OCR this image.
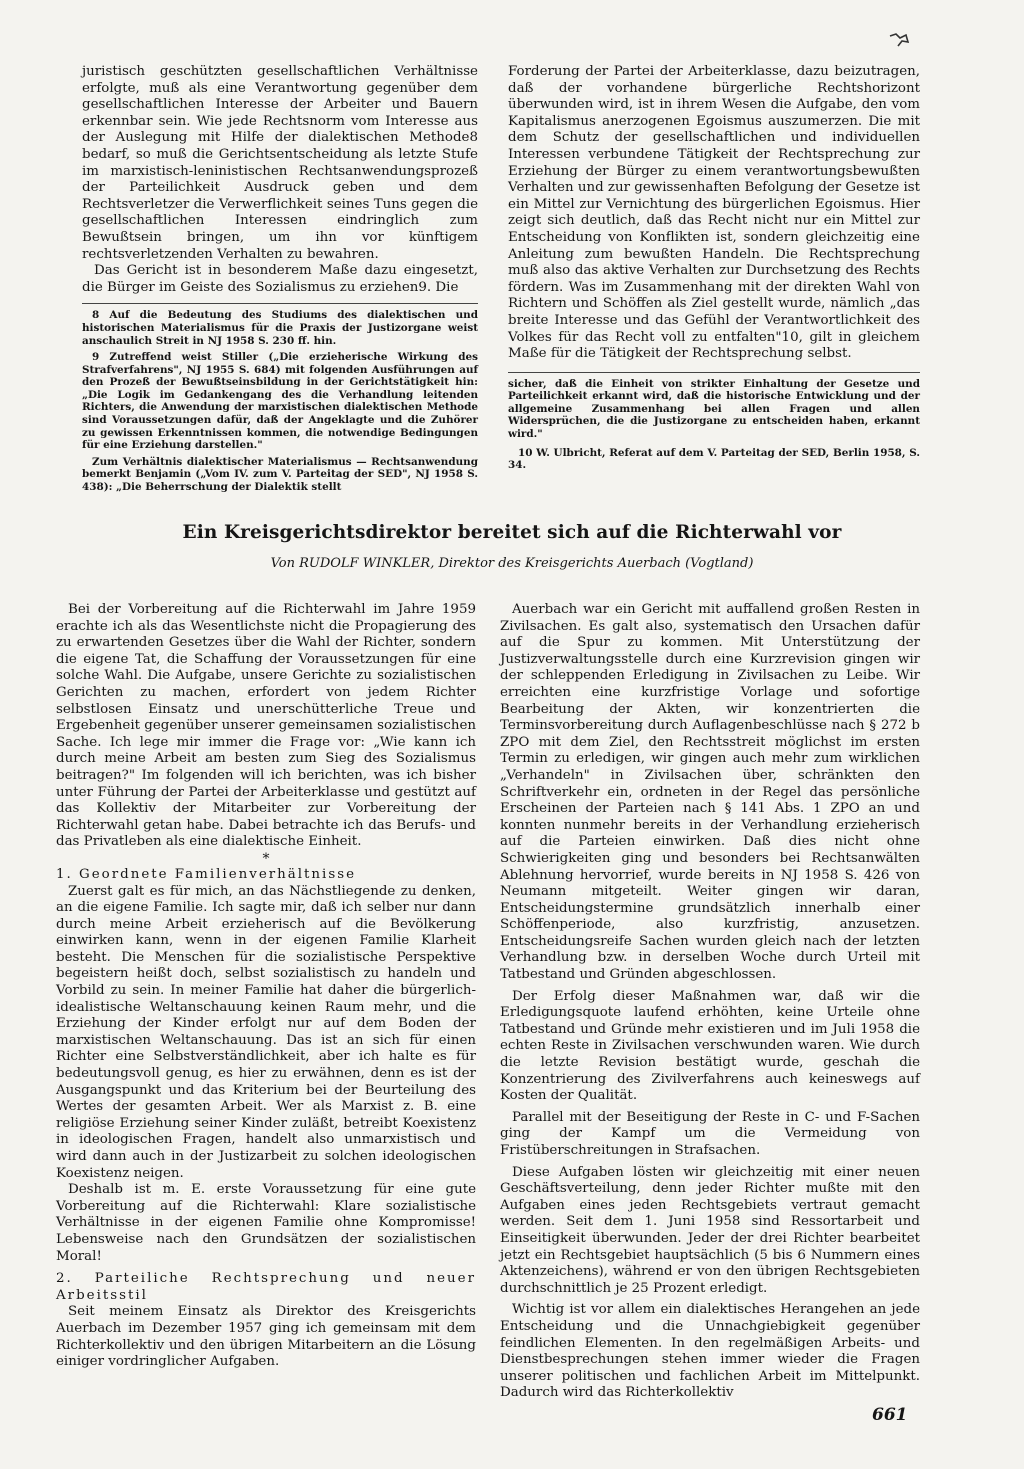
juristisch geschützten gesellschaftlichen Verhältnisse erfolgte, muß als eine Verantwortung gegenüber dem gesellschaftlichen Interesse der Arbeiter und Bauern erkennbar sein. Wie jede Rechtsnorm vom Interesse aus der Auslegung mit Hilfe der dialektischen Methode8 bedarf, so muß die Gerichtsentscheidung als letzte Stufe im marxistisch-leninistischen Rechtsanwendungsprozeß der Parteilichkeit Ausdruck geben und dem Rechtsverletzer die Verwerflichkeit seines Tuns gegen die gesellschaftlichen Interessen eindringlich zum Bewußtsein bringen, um ihn vor künftigem rechtsverletzenden Verhalten zu bewahren.

Das Gericht ist in besonderem Maße dazu eingesetzt, die Bürger im Geiste des Sozialismus zu erziehen9. Die

8 Auf die Bedeutung des Studiums des dialektischen und historischen Materialismus für die Praxis der Justizorgane weist anschaulich Streit in NJ 1958 S. 230 ff. hin.

9 Zutreffend weist Stiller („Die erzieherische Wirkung des Strafverfahrens", NJ 1955 S. 684) mit folgenden Ausführungen auf den Prozeß der Bewußtseinsbildung in der Gerichtstätigkeit hin: „Die Logik im Gedankengang des die Verhandlung leitenden Richters, die Anwendung der marxistischen dialektischen Methode sind Voraussetzungen dafür, daß der Angeklagte und die Zuhörer zu gewissen Erkenntnissen kommen, die notwendige Bedingungen für eine Erziehung darstellen."

Zum Verhältnis dialektischer Materialismus — Rechtsanwendung bemerkt Benjamin („Vom IV. zum V. Parteitag der SED", NJ 1958 S. 438): „Die Beherrschung der Dialektik stellt

Forderung der Partei der Arbeiterklasse, dazu beizutragen, daß der vorhandene bürgerliche Rechtshorizont überwunden wird, ist in ihrem Wesen die Aufgabe, den vom Kapitalismus anerzogenen Egoismus auszumerzen. Die mit dem Schutz der gesellschaftlichen und individuellen Interessen verbundene Tätigkeit der Rechtsprechung zur Erziehung der Bürger zu einem verantwortungsbewußten Verhalten und zur gewissenhaften Befolgung der Gesetze ist ein Mittel zur Vernichtung des bürgerlichen Egoismus. Hier zeigt sich deutlich, daß das Recht nicht nur ein Mittel zur Entscheidung von Konflikten ist, sondern gleichzeitig eine Anleitung zum bewußten Handeln. Die Rechtsprechung muß also das aktive Verhalten zur Durchsetzung des Rechts fördern. Was im Zusammenhang mit der direkten Wahl von Richtern und Schöffen als Ziel gestellt wurde, nämlich „das breite Interesse und das Gefühl der Verantwortlichkeit des Volkes für das Recht voll zu entfalten"10, gilt in gleichem Maße für die Tätigkeit der Rechtsprechung selbst.

sicher, daß die Einheit von strikter Einhaltung der Gesetze und Parteilichkeit erkannt wird, daß die historische Entwicklung und der allgemeine Zusammenhang bei allen Fragen und allen Widersprüchen, die die Justizorgane zu entscheiden haben, erkannt wird."

10 W. Ulbricht, Referat auf dem V. Parteitag der SED, Berlin 1958, S. 34.

Ein Kreisgerichtsdirektor bereitet sich auf die Richterwahl vor
Von RUDOLF WINKLER, Direktor des Kreisgerichts Auerbach (Vogtland)

Bei der Vorbereitung auf die Richterwahl im Jahre 1959 erachte ich als das Wesentlichste nicht die Propagierung des zu erwartenden Gesetzes über die Wahl der Richter, sondern die eigene Tat, die Schaffung der Voraussetzungen für eine solche Wahl. Die Aufgabe, unsere Gerichte zu sozialistischen Gerichten zu machen, erfordert von jedem Richter selbstlosen Einsatz und unerschütterliche Treue und Ergebenheit gegenüber unserer gemeinsamen sozialistischen Sache. Ich lege mir immer die Frage vor: „Wie kann ich durch meine Arbeit am besten zum Sieg des Sozialismus beitragen?" Im folgenden will ich berichten, was ich bisher unter Führung der Partei der Arbeiterklasse und gestützt auf das Kollektiv der Mitarbeiter zur Vorbereitung der Richterwahl getan habe. Dabei betrachte ich das Berufs- und das Privatleben als eine dialektische Einheit.

*

1. Geordnete Familienverhältnisse

Zuerst galt es für mich, an das Nächstliegende zu denken, an die eigene Familie. Ich sagte mir, daß ich selber nur dann durch meine Arbeit erzieherisch auf die Bevölkerung einwirken kann, wenn in der eigenen Familie Klarheit besteht. Die Menschen für die sozialistische Perspektive begeistern heißt doch, selbst sozialistisch zu handeln und Vorbild zu sein. In meiner Familie hat daher die bürgerlich-idealistische Weltanschauung keinen Raum mehr, und die Erziehung der Kinder erfolgt nur auf dem Boden der marxistischen Weltanschauung. Das ist an sich für einen Richter eine Selbstverständlichkeit, aber ich halte es für bedeutungsvoll genug, es hier zu erwähnen, denn es ist der Ausgangspunkt und das Kriterium bei der Beurteilung des Wertes der gesamten Arbeit. Wer als Marxist z. B. eine religiöse Erziehung seiner Kinder zuläßt, betreibt Koexistenz in ideologischen Fragen, handelt also unmarxistisch und wird dann auch in der Justizarbeit zu solchen ideologischen Koexistenz neigen.

Deshalb ist m. E. erste Voraussetzung für eine gute Vorbereitung auf die Richterwahl: Klare sozialistische Verhältnisse in der eigenen Familie ohne Kompromisse! Lebensweise nach den Grundsätzen der sozialistischen Moral!

2. Parteiliche Rechtsprechung und neuer Arbeitsstil

Seit meinem Einsatz als Direktor des Kreisgerichts Auerbach im Dezember 1957 ging ich gemeinsam mit dem Richterkollektiv und den übrigen Mitarbeitern an die Lösung einiger vordringlicher Aufgaben.

Auerbach war ein Gericht mit auffallend großen Resten in Zivilsachen. Es galt also, systematisch den Ursachen dafür auf die Spur zu kommen. Mit Unterstützung der Justizverwaltungsstelle durch eine Kurzrevision gingen wir der schleppenden Erledigung in Zivilsachen zu Leibe. Wir erreichten eine kurzfristige Vorlage und sofortige Bearbeitung der Akten, wir konzentrierten die Terminsvorbereitung durch Auflagenbeschlüsse nach § 272 b ZPO mit dem Ziel, den Rechtsstreit möglichst im ersten Termin zu erledigen, wir gingen auch mehr zum wirklichen „Verhandeln" in Zivilsachen über, schränkten den Schriftverkehr ein, ordneten in der Regel das persönliche Erscheinen der Parteien nach § 141 Abs. 1 ZPO an und konnten nunmehr bereits in der Verhandlung erzieherisch auf die Parteien einwirken. Daß dies nicht ohne Schwierigkeiten ging und besonders bei Rechtsanwälten Ablehnung hervorrief, wurde bereits in NJ 1958 S. 426 von Neumann mitgeteilt. Weiter gingen wir daran, Entscheidungstermine grundsätzlich innerhalb einer Schöffenperiode, also kurzfristig, anzusetzen. Entscheidungsreife Sachen wurden gleich nach der letzten Verhandlung bzw. in derselben Woche durch Urteil mit Tatbestand und Gründen abgeschlossen.

Der Erfolg dieser Maßnahmen war, daß wir die Erledigungsquote laufend erhöhten, keine Urteile ohne Tatbestand und Gründe mehr existieren und im Juli 1958 die echten Reste in Zivilsachen verschwunden waren. Wie durch die letzte Revision bestätigt wurde, geschah die Konzentrierung des Zivilverfahrens auch keineswegs auf Kosten der Qualität.

Parallel mit der Beseitigung der Reste in C- und F-Sachen ging der Kampf um die Vermeidung von Fristüberschreitungen in Strafsachen.

Diese Aufgaben lösten wir gleichzeitig mit einer neuen Geschäftsverteilung, denn jeder Richter mußte mit den Aufgaben eines jeden Rechtsgebiets vertraut gemacht werden. Seit dem 1. Juni 1958 sind Ressortarbeit und Einseitigkeit überwunden. Jeder der drei Richter bearbeitet jetzt ein Rechtsgebiet hauptsächlich (5 bis 6 Nummern eines Aktenzeichens), während er von den übrigen Rechtsgebieten durchschnittlich je 25 Prozent erledigt.

Wichtig ist vor allem ein dialektisches Herangehen an jede Entscheidung und die Unnachgiebigkeit gegenüber feindlichen Elementen. In den regelmäßigen Arbeits- und Dienstbesprechungen stehen immer wieder die Fragen unserer politischen und fachlichen Arbeit im Mittelpunkt. Dadurch wird das Richterkollektiv

661
